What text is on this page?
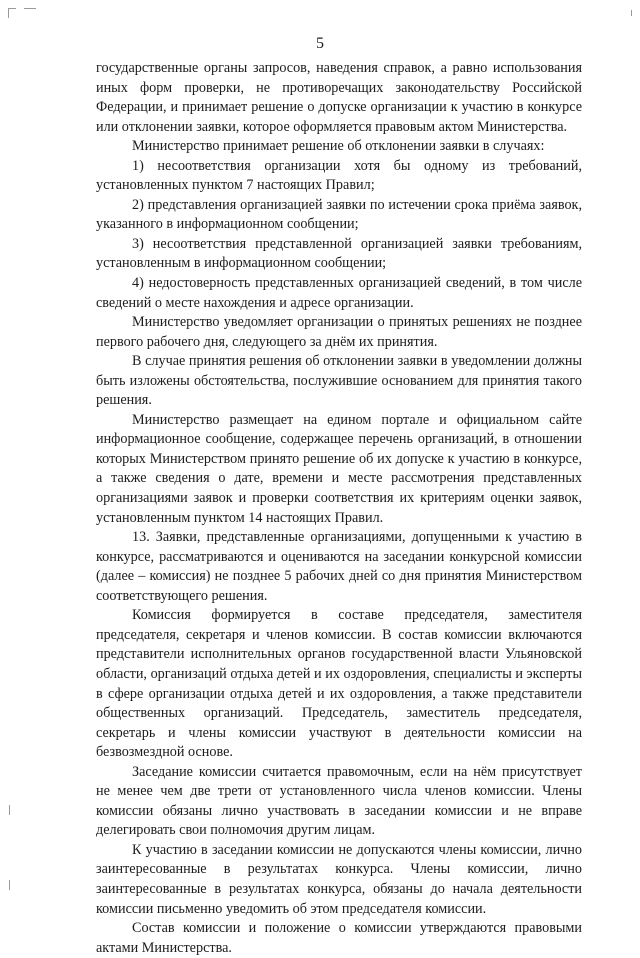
5

государственные органы запросов, наведения справок, а равно использования иных форм проверки, не противоречащих законодательству Российской Федерации, и принимает решение о допуске организации к участию в конкурсе или отклонении заявки, которое оформляется правовым актом Министерства.

Министерство принимает решение об отклонении заявки в случаях:

1) несоответствия организации хотя бы одному из требований, установленных пунктом 7 настоящих Правил;

2) представления организацией заявки по истечении срока приёма заявок, указанного в информационном сообщении;

3) несоответствия представленной организацией заявки требованиям, установленным в информационном сообщении;

4) недостоверность представленных организацией сведений, в том числе сведений о месте нахождения и адресе организации.

Министерство уведомляет организации о принятых решениях не позднее первого рабочего дня, следующего за днём их принятия.

В случае принятия решения об отклонении заявки в уведомлении должны быть изложены обстоятельства, послужившие основанием для принятия такого решения.

Министерство размещает на едином портале и официальном сайте информационное сообщение, содержащее перечень организаций, в отношении которых Министерством принято решение об их допуске к участию в конкурсе, а также сведения о дате, времени и месте рассмотрения представленных организациями заявок и проверки соответствия их критериям оценки заявок, установленным пунктом 14 настоящих Правил.

13. Заявки, представленные организациями, допущенными к участию в конкурсе, рассматриваются и оцениваются на заседании конкурсной комиссии (далее – комиссия) не позднее 5 рабочих дней со дня принятия Министерством соответствующего решения.

Комиссия формируется в составе председателя, заместителя председателя, секретаря и членов комиссии. В состав комиссии включаются представители исполнительных органов государственной власти Ульяновской области, организаций отдыха детей и их оздоровления, специалисты и эксперты в сфере организации отдыха детей и их оздоровления, а также представители общественных организаций. Председатель, заместитель председателя, секретарь и члены комиссии участвуют в деятельности комиссии на безвозмездной основе.

Заседание комиссии считается правомочным, если на нём присутствует не менее чем две трети от установленного числа членов комиссии. Члены комиссии обязаны лично участвовать в заседании комиссии и не вправе делегировать свои полномочия другим лицам.

К участию в заседании комиссии не допускаются члены комиссии, лично заинтересованные в результатах конкурса. Члены комиссии, лично заинтересованные в результатах конкурса, обязаны до начала деятельности комиссии письменно уведомить об этом председателя комиссии.

Состав комиссии и положение о комиссии утверждаются правовыми актами Министерства.
